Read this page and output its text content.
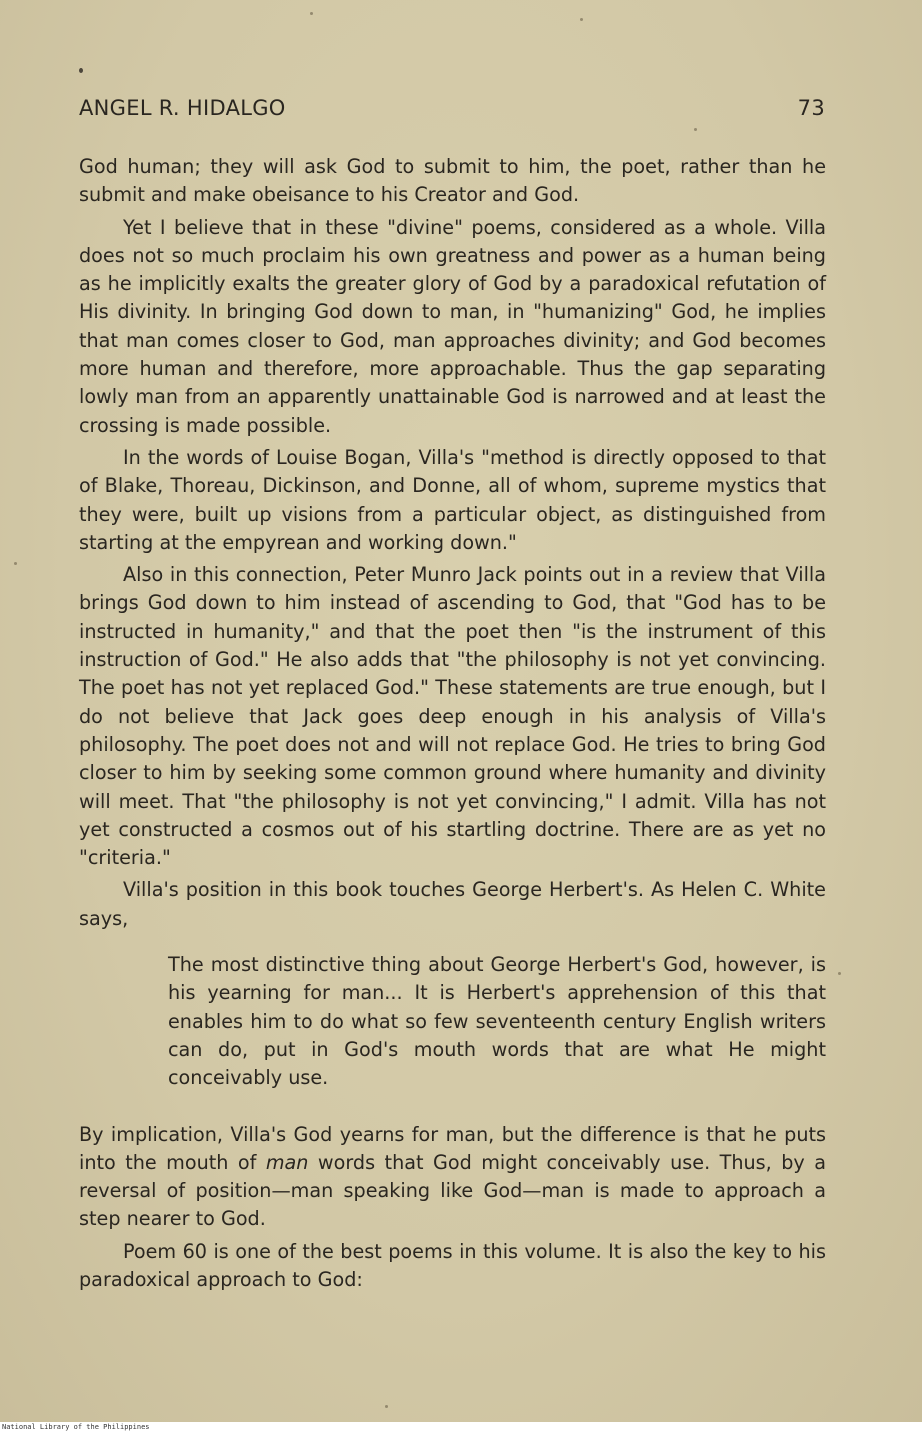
ANGEL R. HIDALGO	73

God human; they will ask God to submit to him, the poet, rather than he submit and make obeisance to his Creator and God.

Yet I believe that in these "divine" poems, considered as a whole. Villa does not so much proclaim his own greatness and power as a human being as he implicitly exalts the greater glory of God by a paradoxical refutation of His divinity. In bringing God down to man, in "humanizing" God, he implies that man comes closer to God, man approaches divinity; and God becomes more human and therefore, more approachable. Thus the gap separating lowly man from an apparently unattainable God is narrowed and at least the crossing is made possible.

In the words of Louise Bogan, Villa's "method is directly opposed to that of Blake, Thoreau, Dickinson, and Donne, all of whom, supreme mystics that they were, built up visions from a particular object, as distinguished from starting at the empyrean and working down."

Also in this connection, Peter Munro Jack points out in a review that Villa brings God down to him instead of ascending to God, that "God has to be instructed in humanity," and that the poet then "is the instrument of this instruction of God." He also adds that "the philosophy is not yet convincing. The poet has not yet replaced God." These statements are true enough, but I do not believe that Jack goes deep enough in his analysis of Villa's philosophy. The poet does not and will not replace God. He tries to bring God closer to him by seeking some common ground where humanity and divinity will meet. That "the philosophy is not yet convincing," I admit. Villa has not yet constructed a cosmos out of his startling doctrine. There are as yet no "criteria."

Villa's position in this book touches George Herbert's. As Helen C. White says,

The most distinctive thing about George Herbert's God, however, is his yearning for man... It is Herbert's apprehension of this that enables him to do what so few seventeenth century English writers can do, put in God's mouth words that are what He might conceivably use.

By implication, Villa's God yearns for man, but the difference is that he puts into the mouth of man words that God might conceivably use. Thus, by a reversal of position—man speaking like God—man is made to approach a step nearer to God.

Poem 60 is one of the best poems in this volume. It is also the key to his paradoxical approach to God:

National Library of the Philippines
